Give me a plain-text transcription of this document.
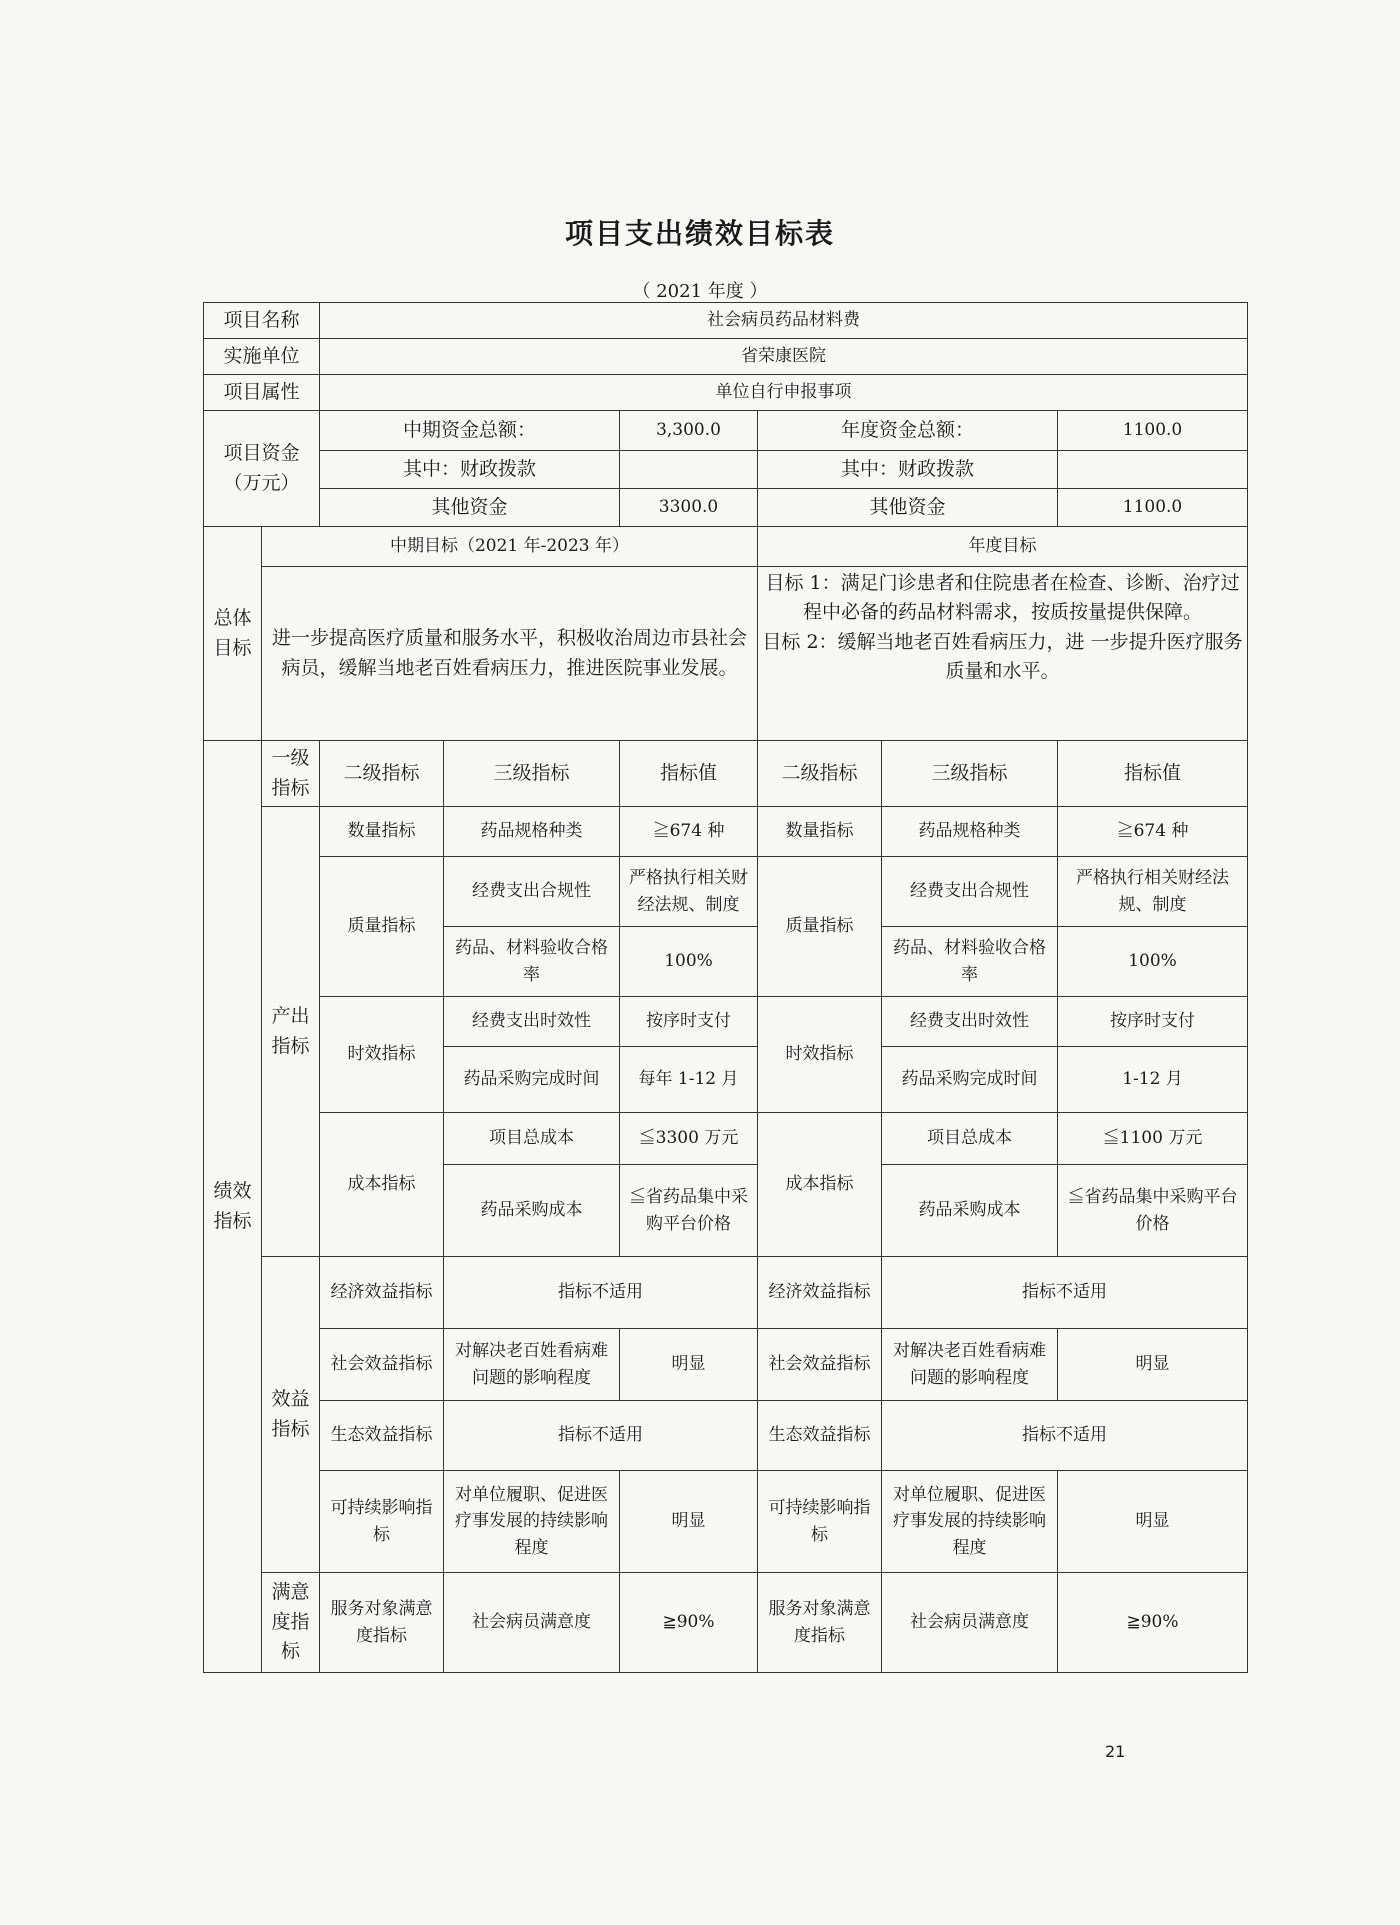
项目支出绩效目标表
（ 2021 年度 ）
项目名称		社会病员药品材料费					
实施单位		省荣康医院					
项目属性		单位自行申报事项					
项目资金（万元）		中期资金总额：		3,300.0	年度资金总额：		1100.0
		其中：财政拨款			其中：财政拨款		
		其他资金		3300.0	其他资金		1100.0
总体目标	中期目标（2021 年-2023 年）				年度目标		
	进一步提高医疗质量和服务水平，积极收治周边市县社会病员，缓解当地老百姓看病压力，推进医院事业发展。				目标 1：满足门诊患者和住院患者在检查、诊断、治疗过程中必备的药品材料需求，按质按量提供保障。
目标 2：缓解当地老百姓看病压力，进 一步提升医疗服务质量和水平。		

绩效指标	一级指标	二级指标	三级指标	指标值	二级指标	三级指标	指标值
	产出指标	数量指标	药品规格种类	≧674 种	数量指标	药品规格种类	≧674 种
		质量指标	经费支出合规性	严格执行相关财经法规、制度	质量指标	经费支出合规性	严格执行相关财经法规、制度
			药品、材料验收合格率	100%		药品、材料验收合格率	100%
		时效指标	经费支出时效性	按序时支付	时效指标	经费支出时效性	按序时支付
			药品采购完成时间	每年 1-12 月		药品采购完成时间	1-12 月
		成本指标	项目总成本	≦3300 万元	成本指标	项目总成本	≦1100 万元
			药品采购成本	≦省药品集中采购平台价格		药品采购成本	≦省药品集中采购平台价格
	效益指标	经济效益指标	指标不适用		经济效益指标	指标不适用	
		社会效益指标	对解决老百姓看病难问题的影响程度	明显	社会效益指标	对解决老百姓看病难问题的影响程度	明显
		生态效益指标	指标不适用		生态效益指标	指标不适用	
		可持续影响指标	对单位履职、促进医疗事发展的持续影响程度	明显	可持续影响指标	对单位履职、促进医疗事发展的持续影响程度	明显
	满意度指标	服务对象满意度指标	社会病员满意度	≧90%	服务对象满意度指标	社会病员满意度	≧90%
21
